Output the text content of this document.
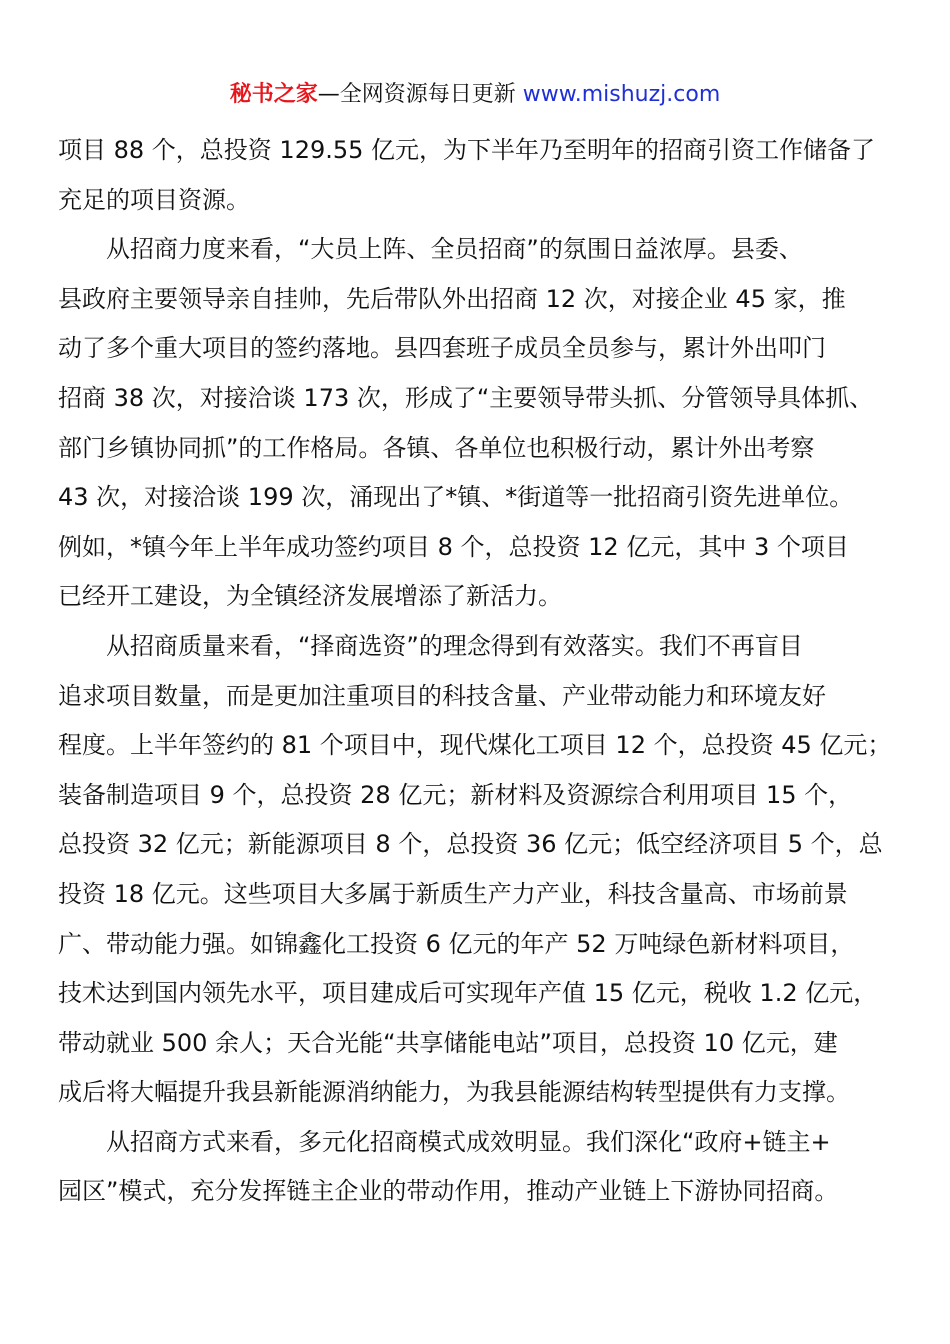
秘书之家—全网资源每日更新 www.mishuzj.com
项目 88 个，总投资 129.55 亿元，为下半年乃至明年的招商引资工作储备了
充足的项目资源。
从招商力度来看，“大员上阵、全员招商”的氛围日益浓厚。县委、
县政府主要领导亲自挂帅，先后带队外出招商 12 次，对接企业 45 家，推
动了多个重大项目的签约落地。县四套班子成员全员参与，累计外出叩门
招商 38 次，对接洽谈 173 次，形成了“主要领导带头抓、分管领导具体抓、
部门乡镇协同抓”的工作格局。各镇、各单位也积极行动，累计外出考察
43 次，对接洽谈 199 次，涌现出了*镇、*街道等一批招商引资先进单位。
例如，*镇今年上半年成功签约项目 8 个，总投资 12 亿元，其中 3 个项目
已经开工建设，为全镇经济发展增添了新活力。
从招商质量来看，“择商选资”的理念得到有效落实。我们不再盲目
追求项目数量，而是更加注重项目的科技含量、产业带动能力和环境友好
程度。上半年签约的 81 个项目中，现代煤化工项目 12 个，总投资 45 亿元；
装备制造项目 9 个，总投资 28 亿元；新材料及资源综合利用项目 15 个，
总投资 32 亿元；新能源项目 8 个，总投资 36 亿元；低空经济项目 5 个，总
投资 18 亿元。这些项目大多属于新质生产力产业，科技含量高、市场前景
广、带动能力强。如锦鑫化工投资 6 亿元的年产 52 万吨绿色新材料项目，
技术达到国内领先水平，项目建成后可实现年产值 15 亿元，税收 1.2 亿元，
带动就业 500 余人；天合光能“共享储能电站”项目，总投资 10 亿元，建
成后将大幅提升我县新能源消纳能力，为我县能源结构转型提供有力支撑。
从招商方式来看，多元化招商模式成效明显。我们深化“政府+链主+
园区”模式，充分发挥链主企业的带动作用，推动产业链上下游协同招商。
